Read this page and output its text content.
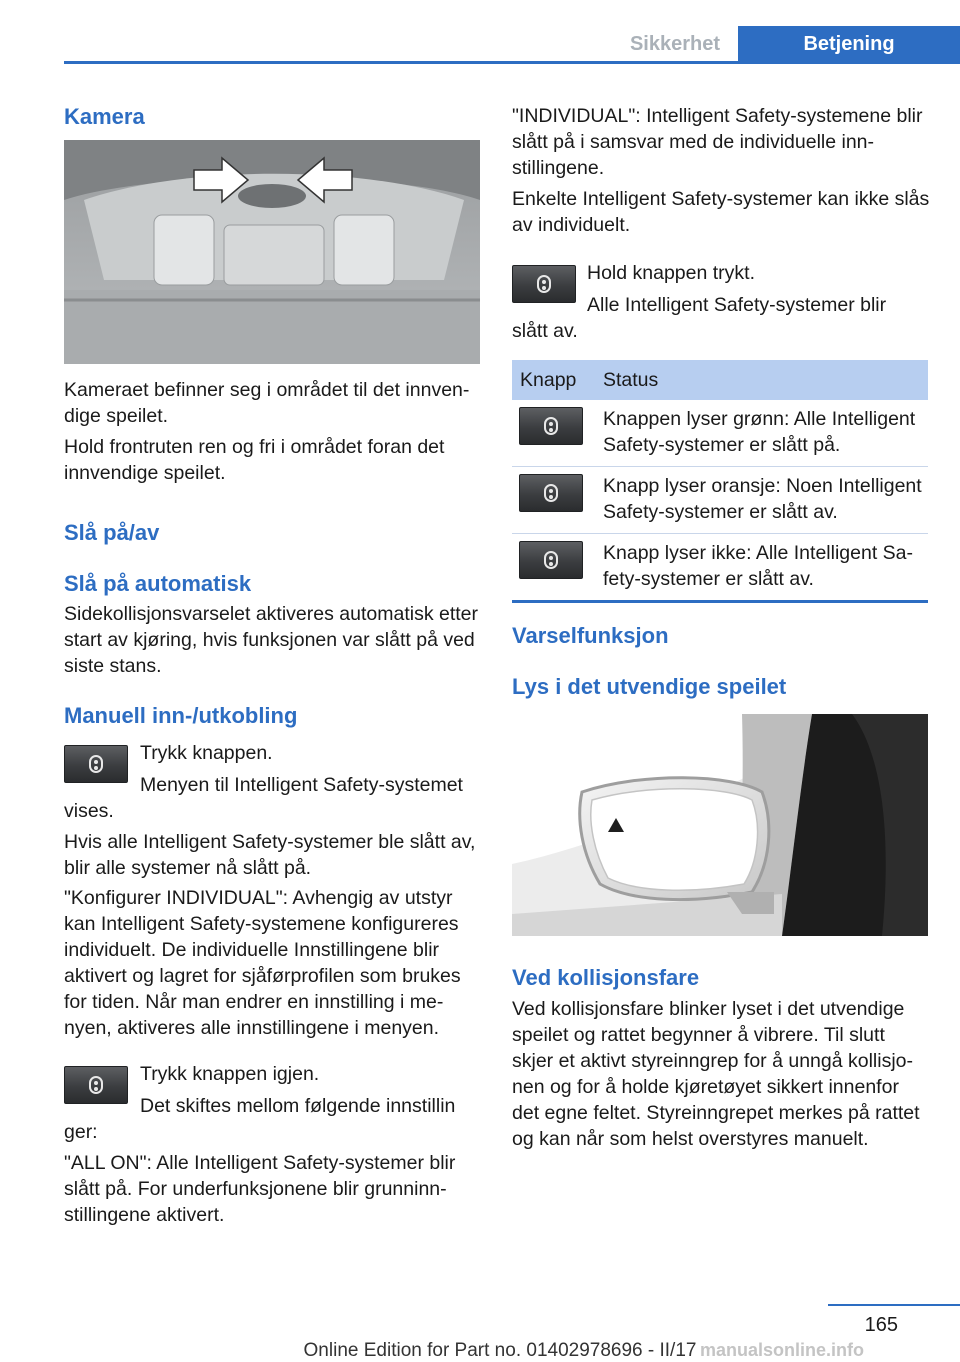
Sikkerhet	Betjening
Kamera
Kameraet befinner seg i området til det innvendige speilet.
Hold frontruten ren og fri i området foran det innvendige speilet.
Slå på/av
Slå på automatisk
Sidekollisjonsvarselet aktiveres automatisk etter start av kjøring, hvis funksjonen var slått på ved siste stans.
Manuell inn-/utkobling
Trykk knappen.
Menyen til Intelligent Safety-systemet
vises.
Hvis alle Intelligent Safety-systemer ble slått av, blir alle systemer nå slått på.
"Konfigurer INDIVIDUAL": Avhengig av utstyr kan Intelligent Safety-systemene konfigureres individuelt. De individuelle Innstillingene blir aktivert og lagret for sjåførprofilen som brukes for tiden. Når man endrer en innstilling i menyen, aktiveres alle innstillingene i menyen.
Trykk knappen igjen.
Det skiftes mellom følgende innstillin
ger:
"ALL ON": Alle Intelligent Safety-systemer blir slått på. For underfunksjonene blir grunninnstillingene aktivert.
"INDIVIDUAL": Intelligent Safety-systemene blir slått på i samsvar med de individuelle innstillingene.
Enkelte Intelligent Safety-systemer kan ikke slås av individuelt.
Hold knappen trykt.
Alle Intelligent Safety-systemer blir
slått av.
Knapp	Status

	Knappen lyser grønn: Alle Intelligent Safety-systemer er slått på.

	Knapp lyser oransje: Noen Intelligent Safety-systemer er slått av.

	Knapp lyser ikke: Alle Intelligent Safety-systemer er slått av.
Varselfunksjon
Lys i det utvendige speilet
Ved kollisjonsfare
Ved kollisjonsfare blinker lyset i det utvendige speilet og rattet begynner å vibrere. Til slutt skjer et aktivt styreinngrep for å unngå kollisjonen og for å holde kjøretøyet sikkert innenfor det egne feltet. Styreinngrepet merkes på rattet og kan når som helst overstyres manuelt.
165
Online Edition for Part no. 01402978696 - II/17 manualsonline.info
